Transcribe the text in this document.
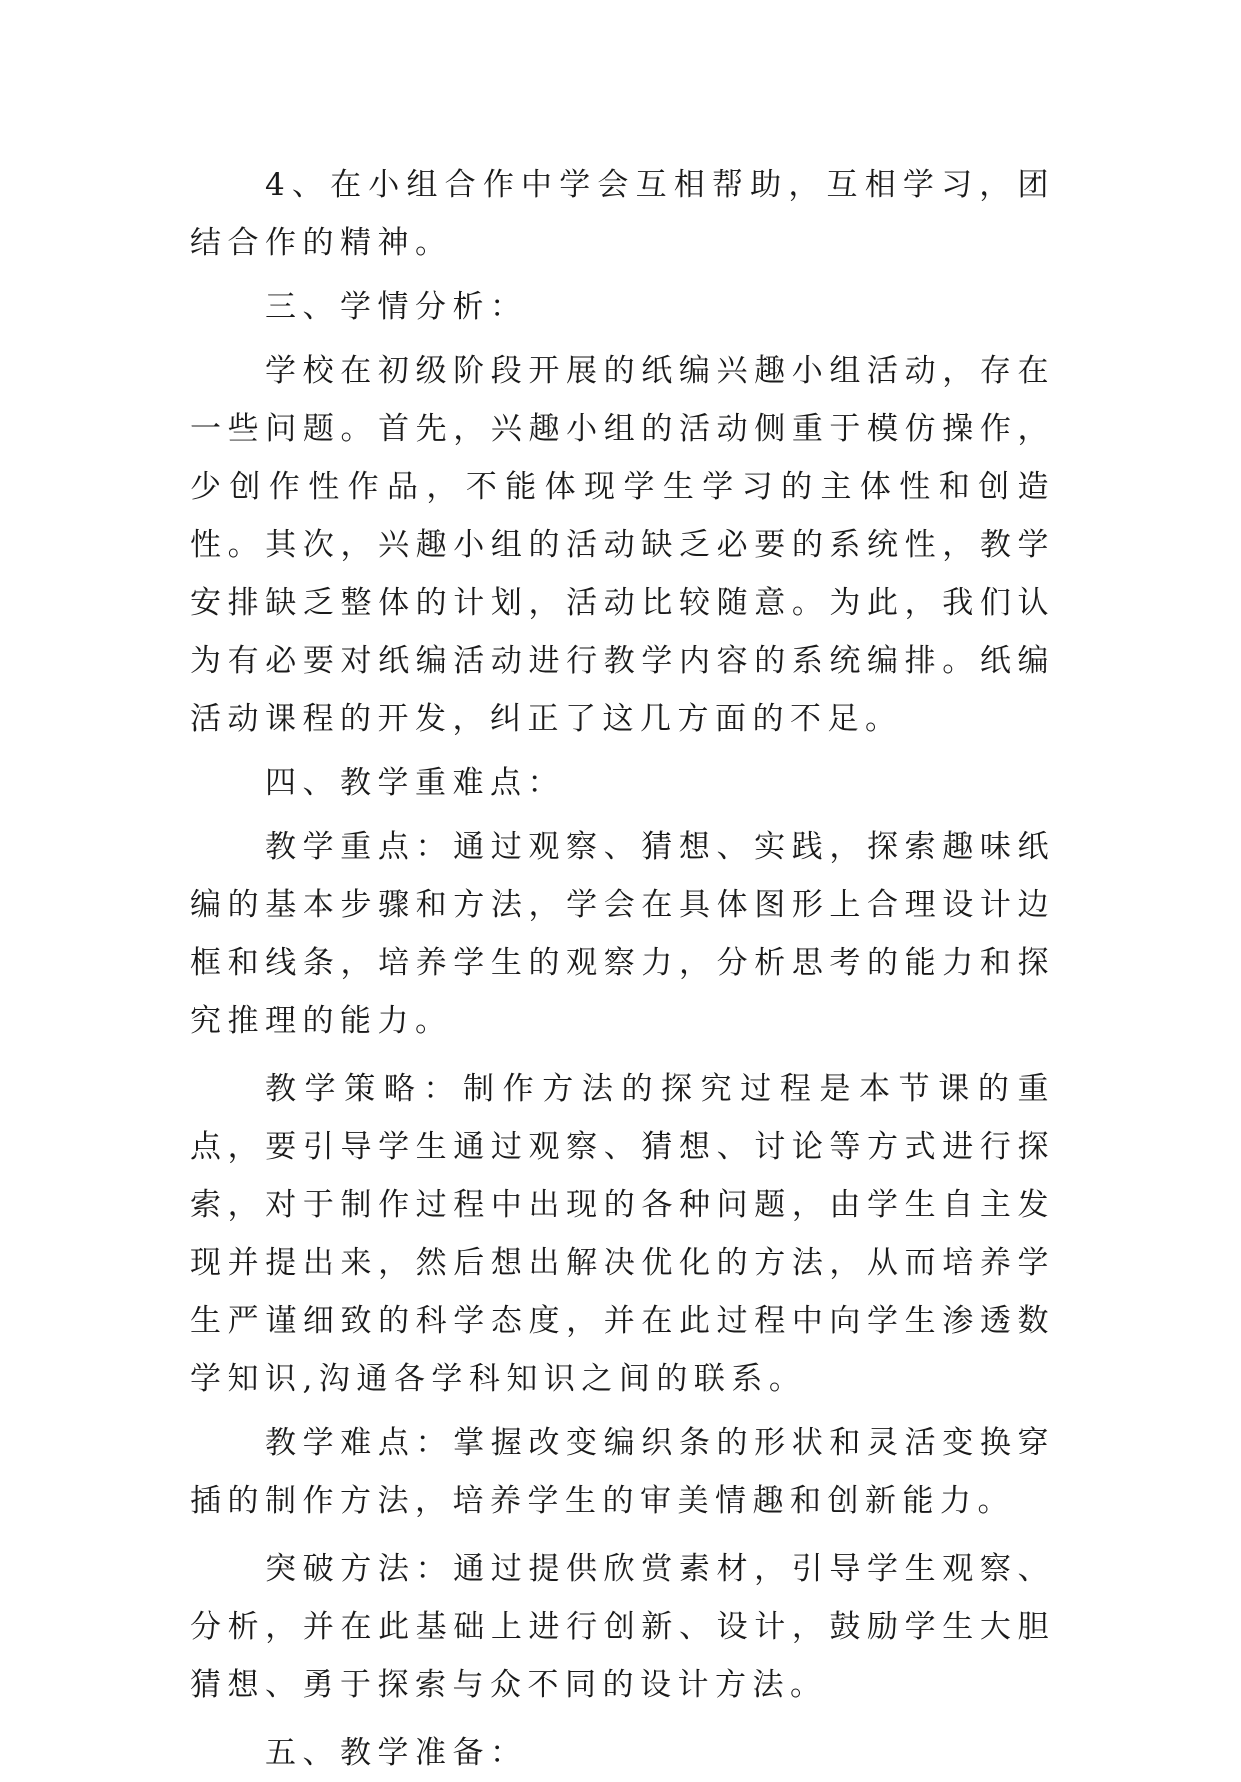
4、在小组合作中学会互相帮助，互相学习，团结合作的精神。

三、学情分析：

学校在初级阶段开展的纸编兴趣小组活动，存在一些问题。首先，兴趣小组的活动侧重于模仿操作，少创作性作品，不能体现学生学习的主体性和创造性。其次，兴趣小组的活动缺乏必要的系统性，教学安排缺乏整体的计划，活动比较随意。为此，我们认为有必要对纸编活动进行教学内容的系统编排。纸编活动课程的开发，纠正了这几方面的不足。

四、教学重难点：

教学重点：通过观察、猜想、实践，探索趣味纸编的基本步骤和方法，学会在具体图形上合理设计边框和线条，培养学生的观察力，分析思考的能力和探究推理的能力。

教学策略：制作方法的探究过程是本节课的重点，要引导学生通过观察、猜想、讨论等方式进行探索，对于制作过程中出现的各种问题，由学生自主发现并提出来，然后想出解决优化的方法，从而培养学生严谨细致的科学态度，并在此过程中向学生渗透数学知识,沟通各学科知识之间的联系。

教学难点：掌握改变编织条的形状和灵活变换穿插的制作方法，培养学生的审美情趣和创新能力。

突破方法：通过提供欣赏素材，引导学生观察、分析，并在此基础上进行创新、设计，鼓励学生大胆猜想、勇于探索与众不同的设计方法。

五、教学准备：
